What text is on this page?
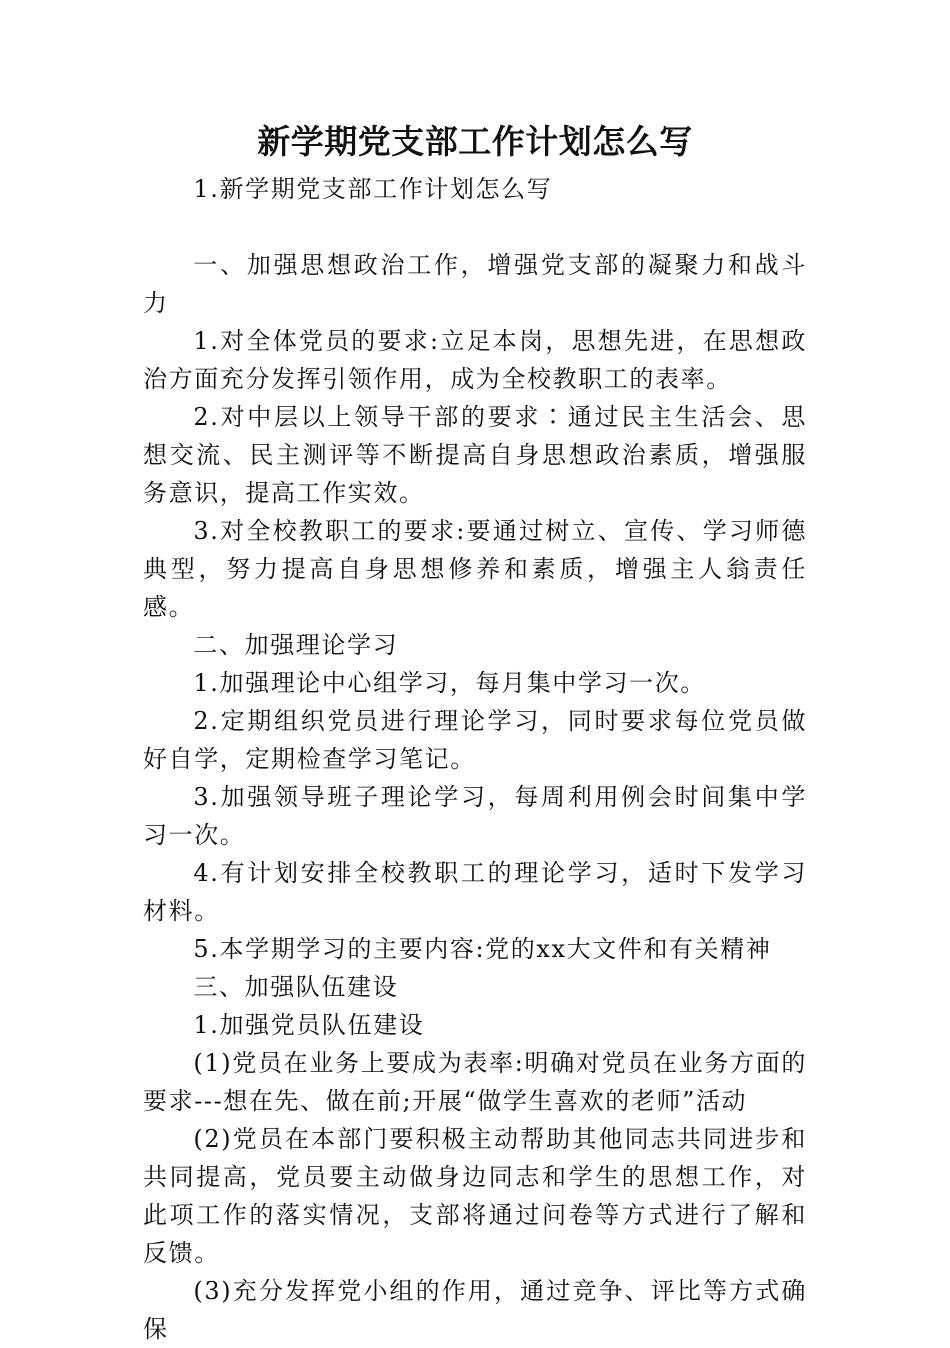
新学期党支部工作计划怎么写

1.新学期党支部工作计划怎么写

一、加强思想政治工作，增强党支部的凝聚力和战斗力

1.对全体党员的要求:立足本岗，思想先进，在思想政治方面充分发挥引领作用，成为全校教职工的表率。

2.对中层以上领导干部的要求∶通过民主生活会、思想交流、民主测评等不断提高自身思想政治素质，增强服务意识，提高工作实效。

3.对全校教职工的要求:要通过树立、宣传、学习师德典型，努力提高自身思想修养和素质，增强主人翁责任感。

二、加强理论学习

1.加强理论中心组学习，每月集中学习一次。

2.定期组织党员进行理论学习，同时要求每位党员做好自学，定期检查学习笔记。

3.加强领导班子理论学习，每周利用例会时间集中学习一次。

4.有计划安排全校教职工的理论学习，适时下发学习材料。

5.本学期学习的主要内容:党的xx大文件和有关精神

三、加强队伍建设

1.加强党员队伍建设

(1)党员在业务上要成为表率:明确对党员在业务方面的要求---想在先、做在前;开展“做学生喜欢的老师”活动

(2)党员在本部门要积极主动帮助其他同志共同进步和共同提高，党员要主动做身边同志和学生的思想工作，对此项工作的落实情况，支部将通过问卷等方式进行了解和反馈。

(3)充分发挥党小组的作用，通过竞争、评比等方式确保
